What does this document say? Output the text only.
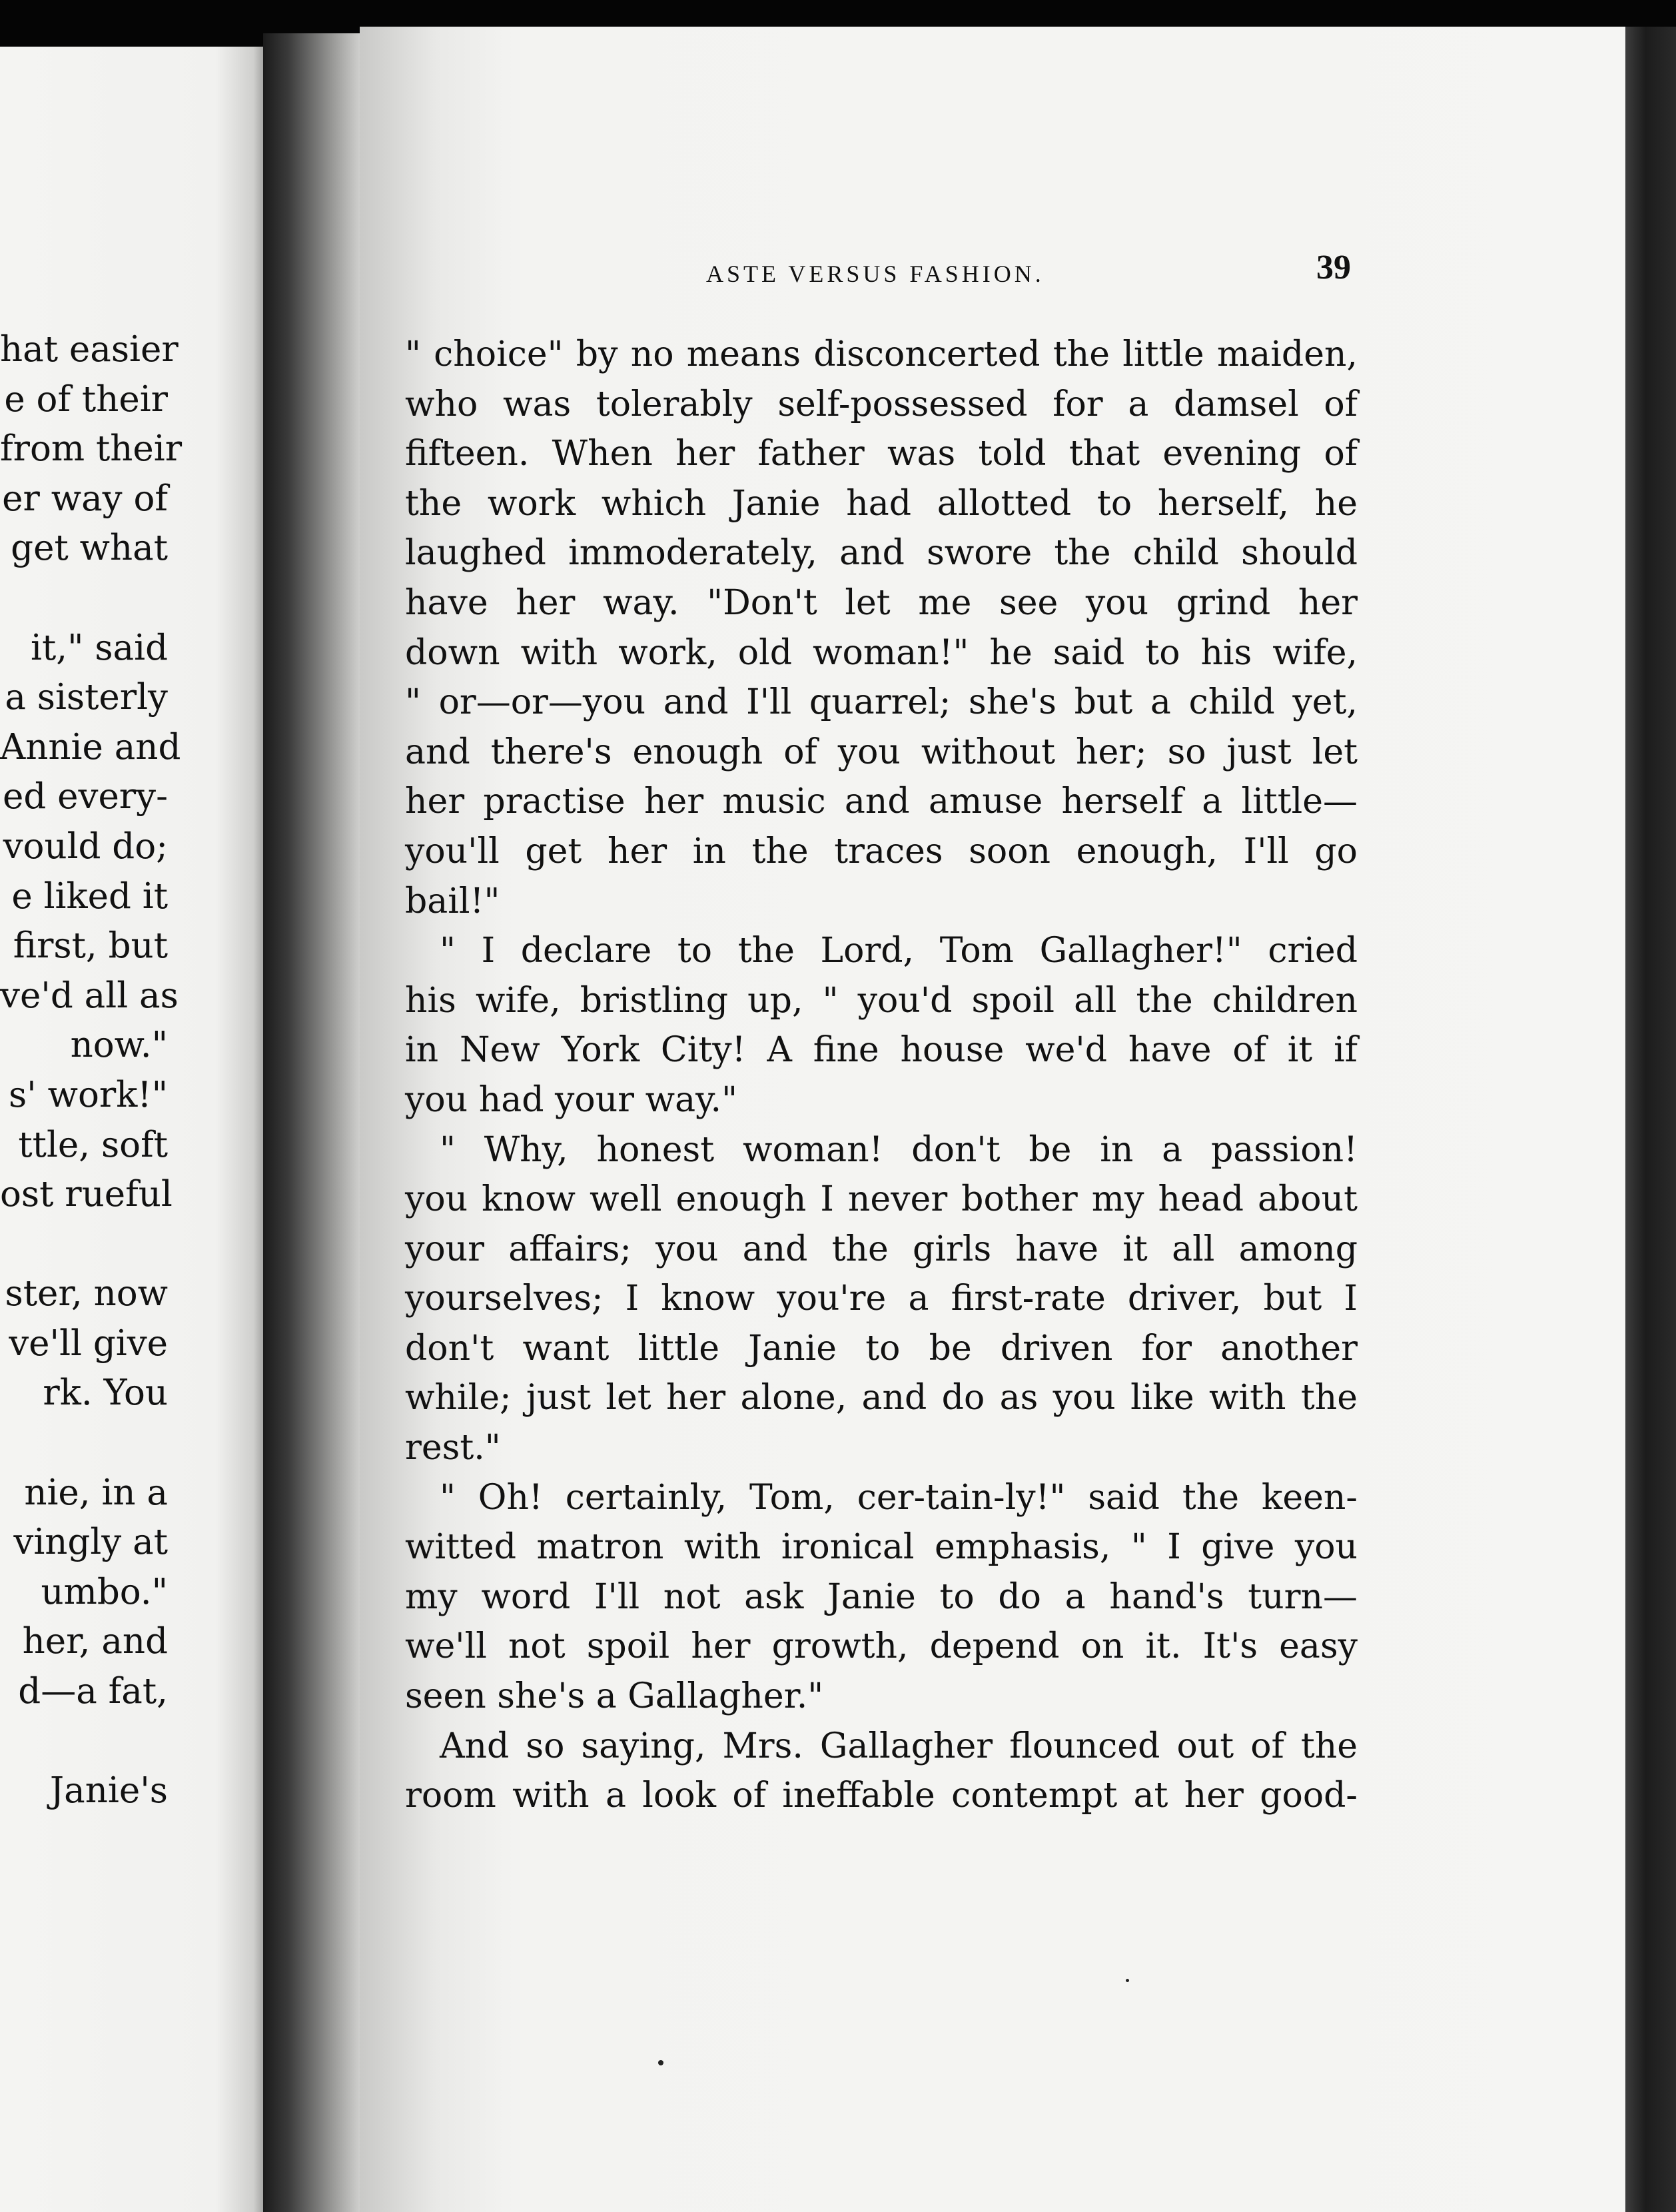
hat easier
e of their
from their
er way of
get what
it," said
a sisterly
Annie and
ed every-
vould do;
e liked it
first, but
ve'd all as
now."
s' work!"
ttle, soft
ost rueful
ster, now
ve'll give
rk. You
nie, in a
vingly at
umbo."
her, and
d—a fat,
Janie's
ASTE VERSUS FASHION.	39
" choice" by no means disconcerted the little maiden,
who was tolerably self-possessed for a damsel of
fifteen. When her father was told that evening of
the work which Janie had allotted to herself, he
laughed immoderately, and swore the child should
have her way. "Don't let me see you grind her
down with work, old woman!" he said to his wife,
" or—or—you and I'll quarrel; she's but a child yet,
and there's enough of you without her; so just let
her practise her music and amuse herself a little—
you'll get her in the traces soon enough, I'll go
bail!"
" I declare to the Lord, Tom Gallagher!" cried
his wife, bristling up, " you'd spoil all the children
in New York City! A fine house we'd have of it if
you had your way."
" Why, honest woman! don't be in a passion!
you know well enough I never bother my head about
your affairs; you and the girls have it all among
yourselves; I know you're a first-rate driver, but I
don't want little Janie to be driven for another
while; just let her alone, and do as you like with the
rest."
" Oh! certainly, Tom, cer-tain-ly!" said the keen-
witted matron with ironical emphasis, " I give you
my word I'll not ask Janie to do a hand's turn—
we'll not spoil her growth, depend on it. It's easy
seen she's a Gallagher."
And so saying, Mrs. Gallagher flounced out of the
room with a look of ineffable contempt at her good-
